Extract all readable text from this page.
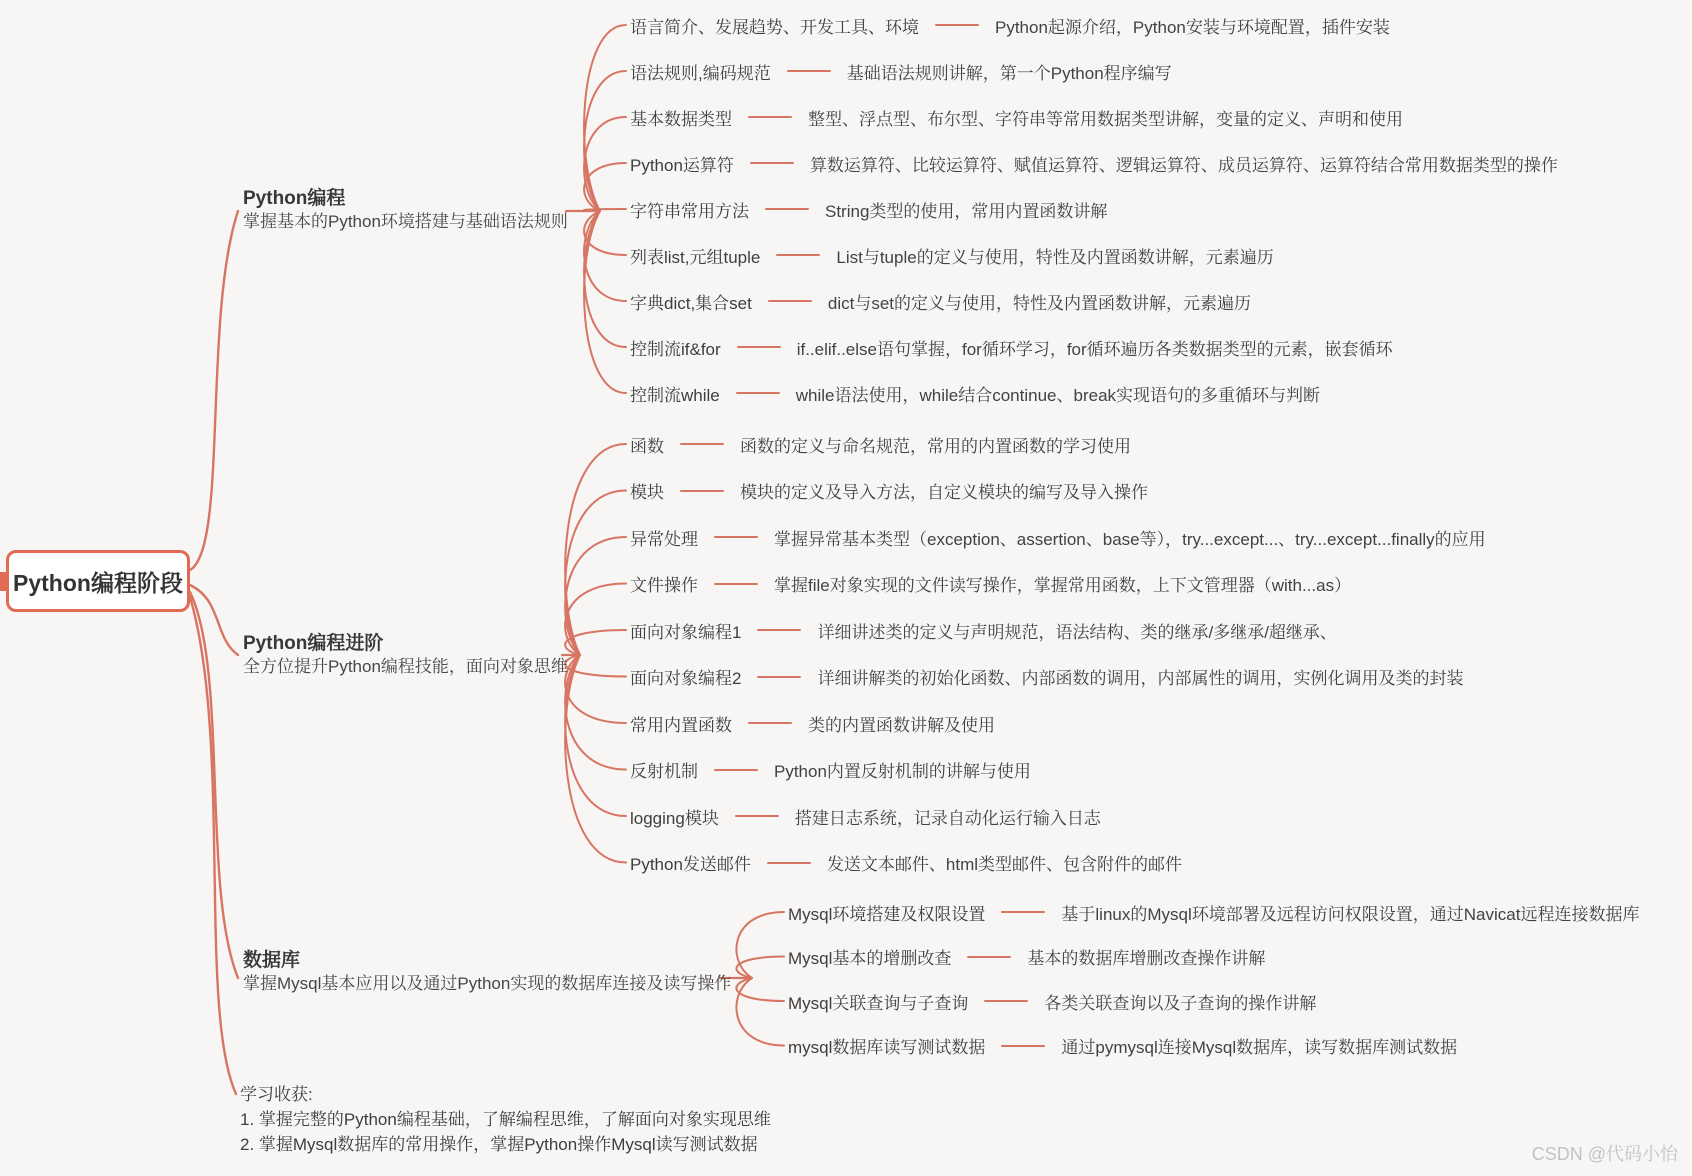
Python编程阶段
Python编程
掌握基本的Python环境搭建与基础语法规则
语言简介、发展趋势、开发工具、环境	Python起源介绍，Python安装与环境配置，插件安装
语法规则,编码规范	基础语法规则讲解，第一个Python程序编写
基本数据类型	整型、浮点型、布尔型、字符串等常用数据类型讲解，变量的定义、声明和使用
Python运算符	算数运算符、比较运算符、赋值运算符、逻辑运算符、成员运算符、运算符结合常用数据类型的操作
字符串常用方法	String类型的使用，常用内置函数讲解
列表list,元组tuple	List与tuple的定义与使用，特性及内置函数讲解，元素遍历
字典dict,集合set	dict与set的定义与使用，特性及内置函数讲解，元素遍历
控制流if&for	if..elif..else语句掌握，for循环学习，for循环遍历各类数据类型的元素，嵌套循环
控制流while	while语法使用，while结合continue、break实现语句的多重循环与判断
Python编程进阶
全方位提升Python编程技能，面向对象思维
函数	函数的定义与命名规范，常用的内置函数的学习使用
模块	模块的定义及导入方法，自定义模块的编写及导入操作
异常处理	掌握异常基本类型（exception、assertion、base等），try...except...、try...except...finally的应用
文件操作	掌握file对象实现的文件读写操作，掌握常用函数，上下文管理器（with...as）
面向对象编程1	详细讲述类的定义与声明规范，语法结构、类的继承/多继承/超继承、
面向对象编程2	详细讲解类的初始化函数、内部函数的调用，内部属性的调用，实例化调用及类的封装
常用内置函数	类的内置函数讲解及使用
反射机制	Python内置反射机制的讲解与使用
logging模块	搭建日志系统，记录自动化运行输入日志
Python发送邮件	发送文本邮件、html类型邮件、包含附件的邮件
数据库
掌握Mysql基本应用以及通过Python实现的数据库连接及读写操作
Mysql环境搭建及权限设置	基于linux的Mysql环境部署及远程访问权限设置，通过Navicat远程连接数据库
Mysql基本的增删改查	基本的数据库增删改查操作讲解
Mysql关联查询与子查询	各类关联查询以及子查询的操作讲解
mysql数据库读写测试数据	通过pymysql连接Mysql数据库，读写数据库测试数据
学习收获:
1. 掌握完整的Python编程基础，了解编程思维，了解面向对象实现思维
2. 掌握Mysql数据库的常用操作，掌握Python操作Mysql读写测试数据	CSDN @代码小怡
